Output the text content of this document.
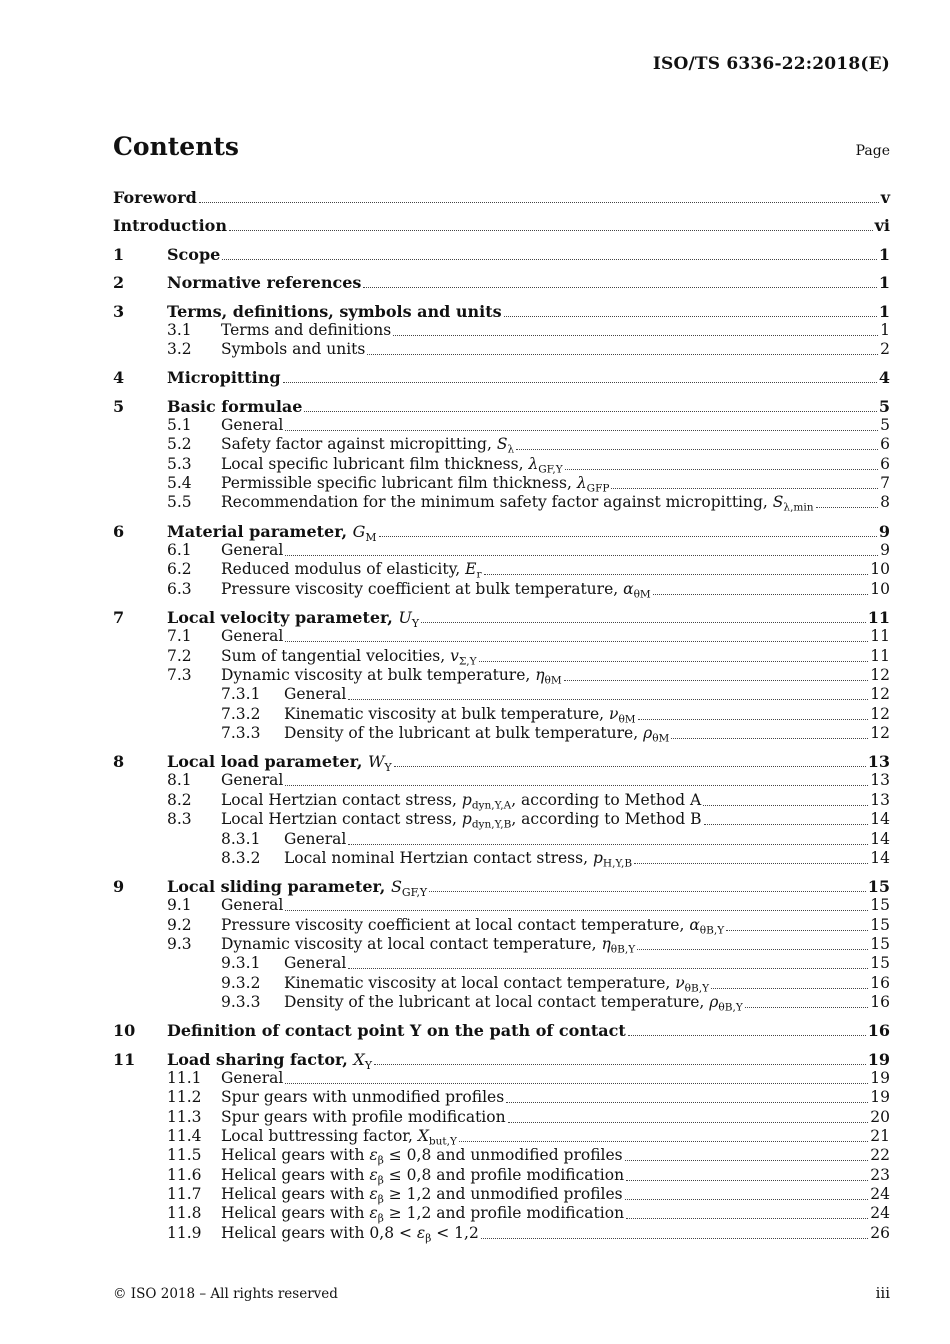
ISO/TS 6336-22:2018(E)
Contents	Page
Foreword	v
Introduction	vi
1	Scope	1
2	Normative references	1
3	Terms, definitions, symbols and units	1
3.1	Terms and definitions	1
3.2	Symbols and units	2
4	Micropitting	4
5	Basic formulae	5
5.1	General	5
5.2	Safety factor against micropitting, $S_\lambda$	6
5.3	Local specific lubricant film thickness, $\lambda_{GF,Y}$	6
5.4	Permissible specific lubricant film thickness, $\lambda_{GFP}$	7
5.5	Recommendation for the minimum safety factor against micropitting, $S_{\lambda,min}$	8
6	Material parameter, $G_M$	9
6.1	General	9
6.2	Reduced modulus of elasticity, $E_r$	10
6.3	Pressure viscosity coefficient at bulk temperature, $\alpha_{\theta M}$	10
7	Local velocity parameter, $U_Y$	11
7.1	General	11
7.2	Sum of tangential velocities, $v_{\Sigma,Y}$	11
7.3	Dynamic viscosity at bulk temperature, $\eta_{\theta M}$	12
7.3.1	General	12
7.3.2	Kinematic viscosity at bulk temperature, $\nu_{\theta M}$	12
7.3.3	Density of the lubricant at bulk temperature, $\rho_{\theta M}$	12
8	Local load parameter, $W_Y$	13
8.1	General	13
8.2	Local Hertzian contact stress, $p_{dyn,Y,A}$, according to Method A	13
8.3	Local Hertzian contact stress, $p_{dyn,Y,B}$, according to Method B	14
8.3.1	General	14
8.3.2	Local nominal Hertzian contact stress, $p_{H,Y,B}$	14
9	Local sliding parameter, $S_{GF,Y}$	15
9.1	General	15
9.2	Pressure viscosity coefficient at local contact temperature, $\alpha_{\theta B,Y}$	15
9.3	Dynamic viscosity at local contact temperature, $\eta_{\theta B,Y}$	15
9.3.1	General	15
9.3.2	Kinematic viscosity at local contact temperature, $\nu_{\theta B,Y}$	16
9.3.3	Density of the lubricant at local contact temperature, $\rho_{\theta B,Y}$	16
10	Definition of contact point Y on the path of contact	16
11	Load sharing factor, $X_Y$	19
11.1	General	19
11.2	Spur gears with unmodified profiles	19
11.3	Spur gears with profile modification	20
11.4	Local buttressing factor, $X_{but,Y}$	21
11.5	Helical gears with $\varepsilon_\beta \le 0,8$ and unmodified profiles	22
11.6	Helical gears with $\varepsilon_\beta \le 0,8$ and profile modification	23
11.7	Helical gears with $\varepsilon_\beta \ge 1,2$ and unmodified profiles	24
11.8	Helical gears with $\varepsilon_\beta \ge 1,2$ and profile modification	24
11.9	Helical gears with $0,8 < \varepsilon_\beta < 1,2$	26
© ISO 2018 – All rights reserved	iii
